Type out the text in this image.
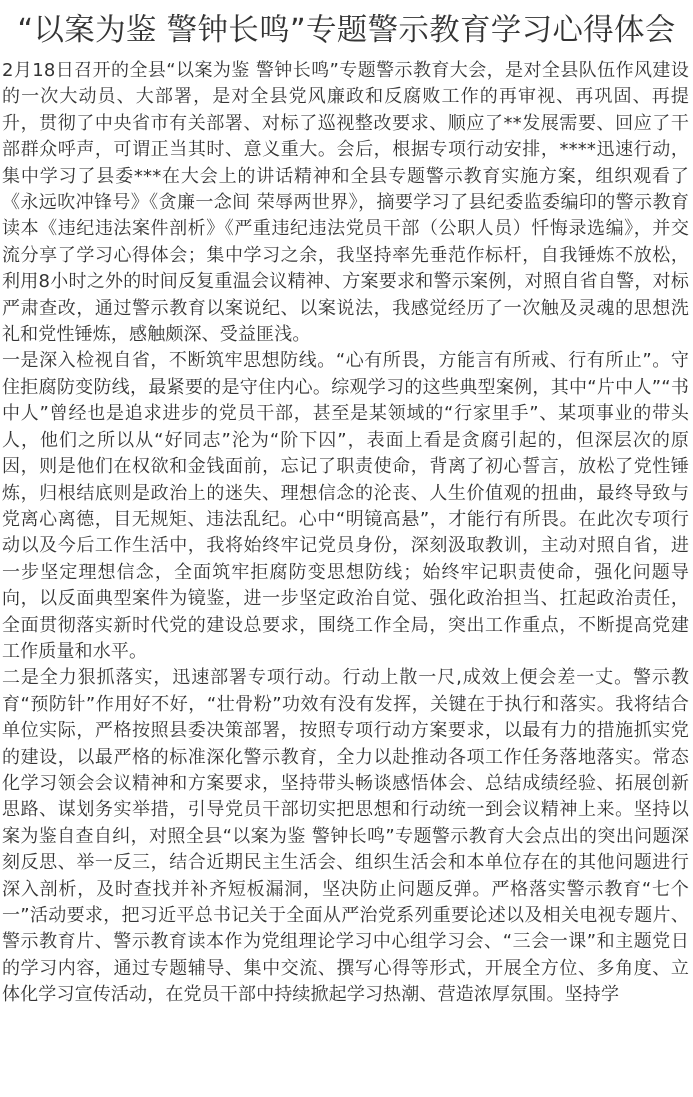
“以案为鉴 警钟长鸣”专题警示教育学习心得体会

2月18日召开的全县“以案为鉴 警钟长鸣”专题警示教育大会，是对全县队伍作风建设的一次大动员、大部署，是对全县党风廉政和反腐败工作的再审视、再巩固、再提升，贯彻了中央省市有关部署、对标了巡视整改要求、顺应了**发展需要、回应了干部群众呼声，可谓正当其时、意义重大。会后，根据专项行动安排，****迅速行动，集中学习了县委***在大会上的讲话精神和全县专题警示教育实施方案，组织观看了《永远吹冲锋号》《贪廉一念间 荣辱两世界》，摘要学习了县纪委监委编印的警示教育读本《违纪违法案件剖析》《严重违纪违法党员干部（公职人员）忏悔录选编》，并交流分享了学习心得体会；集中学习之余，我坚持率先垂范作标杆，自我锤炼不放松，利用8小时之外的时间反复重温会议精神、方案要求和警示案例，对照自省自警，对标严肃查改，通过警示教育以案说纪、以案说法，我感觉经历了一次触及灵魂的思想洗礼和党性锤炼，感触颇深、受益匪浅。

一是深入检视自省，不断筑牢思想防线。“心有所畏，方能言有所戒、行有所止”。守住拒腐防变防线，最紧要的是守住内心。综观学习的这些典型案例，其中“片中人”“书中人”曾经也是追求进步的党员干部，甚至是某领域的“行家里手”、某项事业的带头人，他们之所以从“好同志”沦为“阶下囚”，表面上看是贪腐引起的，但深层次的原因，则是他们在权欲和金钱面前，忘记了职责使命，背离了初心誓言，放松了党性锤炼，归根结底则是政治上的迷失、理想信念的沦丧、人生价值观的扭曲，最终导致与党离心离德，目无规矩、违法乱纪。心中“明镜高悬”，才能行有所畏。在此次专项行动以及今后工作生活中，我将始终牢记党员身份，深刻汲取教训，主动对照自省，进一步坚定理想信念，全面筑牢拒腐防变思想防线；始终牢记职责使命，强化问题导向，以反面典型案件为镜鉴，进一步坚定政治自觉、强化政治担当、扛起政治责任，全面贯彻落实新时代党的建设总要求，围绕工作全局，突出工作重点，不断提高党建工作质量和水平。

二是全力狠抓落实，迅速部署专项行动。行动上散一尺,成效上便会差一丈。警示教育“预防针”作用好不好，“壮骨粉”功效有没有发挥，关键在于执行和落实。我将结合单位实际，严格按照县委决策部署，按照专项行动方案要求，以最有力的措施抓实党的建设，以最严格的标准深化警示教育，全力以赴推动各项工作任务落地落实。常态化学习领会会议精神和方案要求，坚持带头畅谈感悟体会、总结成绩经验、拓展创新思路、谋划务实举措，引导党员干部切实把思想和行动统一到会议精神上来。坚持以案为鉴自查自纠，对照全县“以案为鉴 警钟长鸣”专题警示教育大会点出的突出问题深刻反思、举一反三，结合近期民主生活会、组织生活会和本单位存在的其他问题进行深入剖析，及时查找并补齐短板漏洞，坚决防止问题反弹。严格落实警示教育“七个一”活动要求，把习近平总书记关于全面从严治党系列重要论述以及相关电视专题片、警示教育片、警示教育读本作为党组理论学习中心组学习会、“三会一课”和主题党日的学习内容，通过专题辅导、集中交流、撰写心得等形式，开展全方位、多角度、立体化学习宣传活动，在党员干部中持续掀起学习热潮、营造浓厚氛围。坚持学
